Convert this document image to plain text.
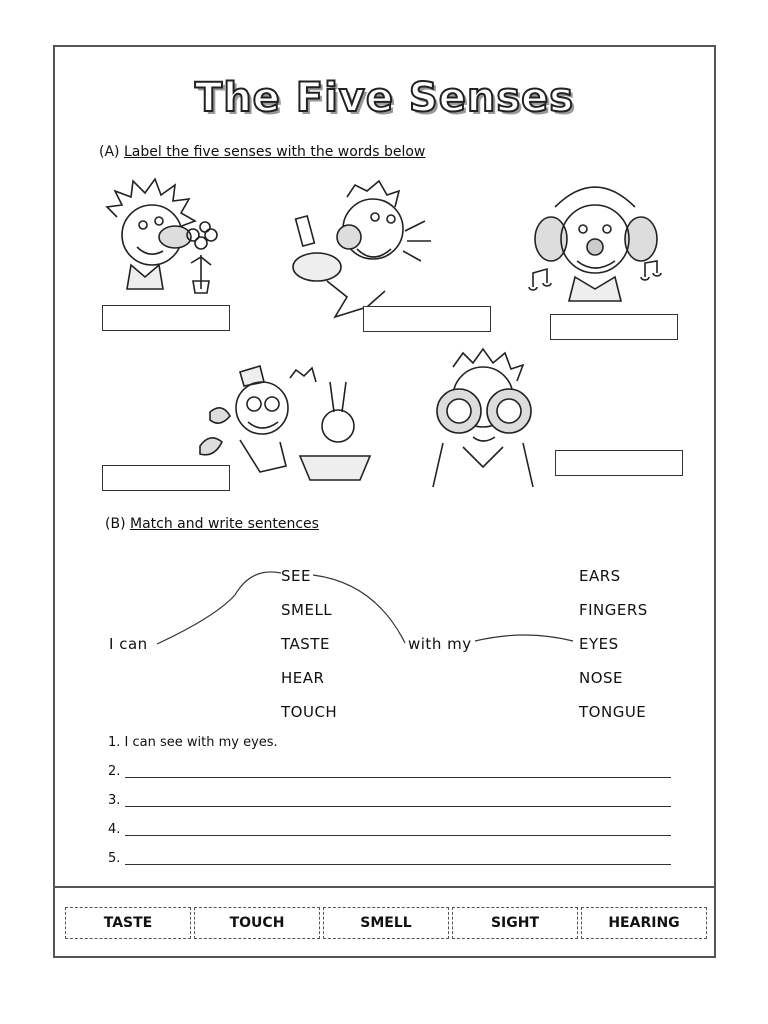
The Five Senses
(A) Label the five senses with the words below
(B) Match and write sentences
I can
SEE
SMELL
TASTE
HEAR
TOUCH
with my
EARS
FINGERS
EYES
NOSE
TONGUE
1. I can see with my eyes.
2.
3.
4.
5.
TASTE	TOUCH	SMELL	SIGHT	HEARING
